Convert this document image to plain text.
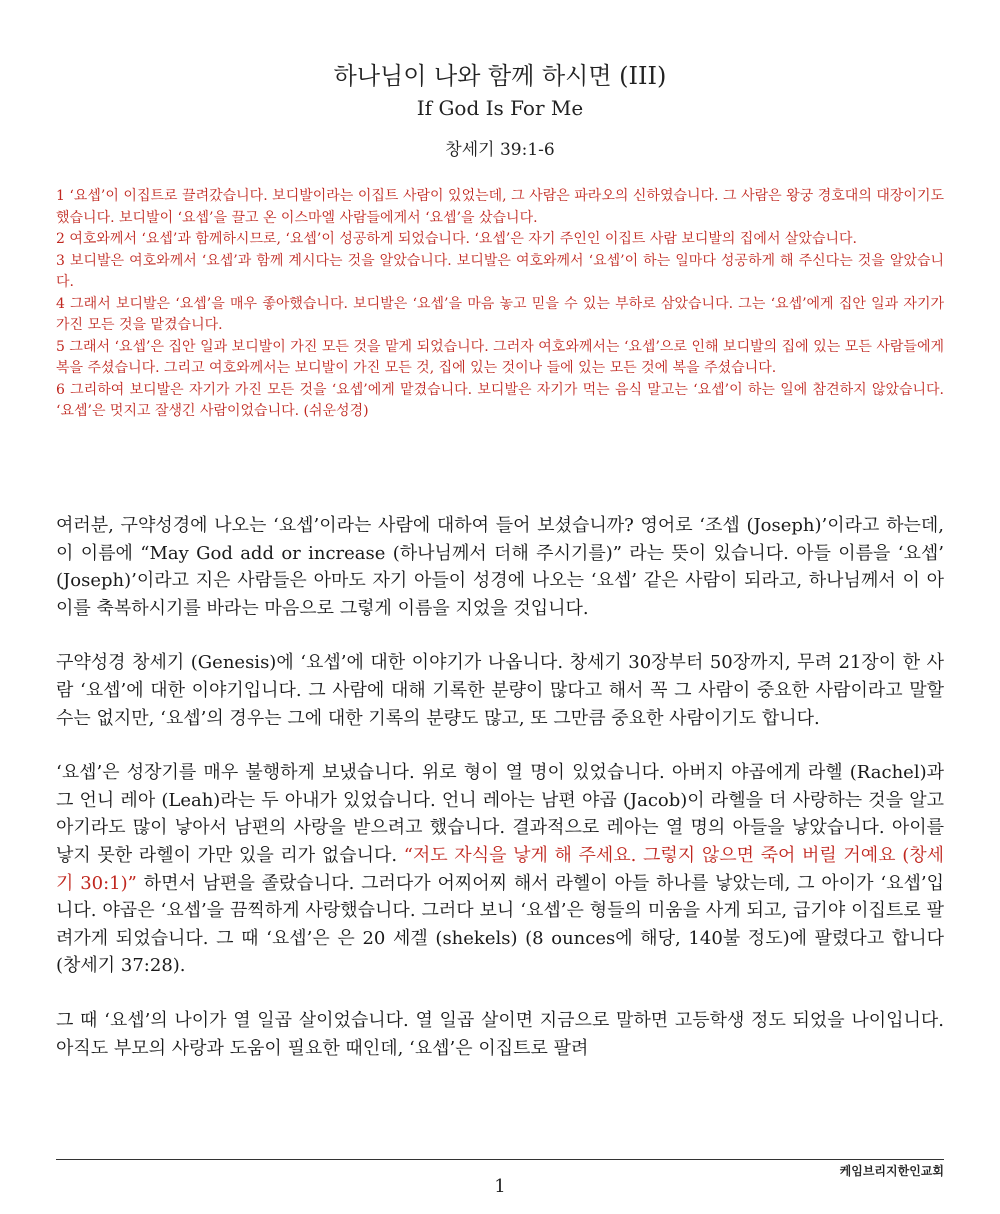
하나님이 나와 함께 하시면 (III)
If God Is For Me
창세기 39:1-6

1 ‘요셉’이 이집트로 끌려갔습니다. 보디발이라는 이집트 사람이 있었는데, 그 사람은 파라오의 신하였습니다. 그 사람은 왕궁 경호대의 대장이기도 했습니다. 보디발이 ‘요셉’을 끌고 온 이스마엘 사람들에게서 ‘요셉’을 샀습니다.

2 여호와께서 ‘요셉’과 함께하시므로, ‘요셉’이 성공하게 되었습니다. ‘요셉’은 자기 주인인 이집트 사람 보디발의 집에서 살았습니다.

3 보디발은 여호와께서 ‘요셉’과 함께 계시다는 것을 알았습니다. 보디발은 여호와께서 ‘요셉’이 하는 일마다 성공하게 해 주신다는 것을 알았습니다.

4 그래서 보디발은 ‘요셉’을 매우 좋아했습니다. 보디발은 ‘요셉’을 마음 놓고 믿을 수 있는 부하로 삼았습니다. 그는 ‘요셉’에게 집안 일과 자기가 가진 모든 것을 맡겼습니다.

5 그래서 ‘요셉’은 집안 일과 보디발이 가진 모든 것을 맡게 되었습니다. 그러자 여호와께서는 ‘요셉’으로 인해 보디발의 집에 있는 모든 사람들에게 복을 주셨습니다. 그리고 여호와께서는 보디발이 가진 모든 것, 집에 있는 것이나 들에 있는 모든 것에 복을 주셨습니다.

6 그리하여 보디발은 자기가 가진 모든 것을 ‘요셉’에게 맡겼습니다. 보디발은 자기가 먹는 음식 말고는 ‘요셉’이 하는 일에 참견하지 않았습니다. ‘요셉’은 멋지고 잘생긴 사람이었습니다. (쉬운성경)

여러분, 구약성경에 나오는 ‘요셉’이라는 사람에 대하여 들어 보셨습니까? 영어로 ‘조셉 (Joseph)’이라고 하는데, 이 이름에 “May God add or increase (하나님께서 더해 주시기를)” 라는 뜻이 있습니다. 아들 이름을 ‘요셉’ (Joseph)’이라고 지은 사람들은 아마도 자기 아들이 성경에 나오는 ‘요셉’ 같은 사람이 되라고, 하나님께서 이 아이를 축복하시기를 바라는 마음으로 그렇게 이름을 지었을 것입니다.

구약성경 창세기 (Genesis)에 ‘요셉’에 대한 이야기가 나옵니다. 창세기 30장부터 50장까지, 무려 21장이 한 사람 ‘요셉’에 대한 이야기입니다. 그 사람에 대해 기록한 분량이 많다고 해서 꼭 그 사람이 중요한 사람이라고 말할 수는 없지만, ‘요셉’의 경우는 그에 대한 기록의 분량도 많고, 또 그만큼 중요한 사람이기도 합니다.

‘요셉’은 성장기를 매우 불행하게 보냈습니다. 위로 형이 열 명이 있었습니다. 아버지 야곱에게 라헬 (Rachel)과 그 언니 레아 (Leah)라는 두 아내가 있었습니다. 언니 레아는 남편 야곱 (Jacob)이 라헬을 더 사랑하는 것을 알고 아기라도 많이 낳아서 남편의 사랑을 받으려고 했습니다. 결과적으로 레아는 열 명의 아들을 낳았습니다. 아이를 낳지 못한 라헬이 가만 있을 리가 없습니다. “저도 자식을 낳게 해 주세요. 그렇지 않으면 죽어 버릴 거예요 (창세기 30:1)” 하면서 남편을 졸랐습니다. 그러다가 어찌어찌 해서 라헬이 아들 하나를 낳았는데, 그 아이가 ‘요셉’입니다. 야곱은 ‘요셉’을 끔찍하게 사랑했습니다. 그러다 보니 ‘요셉’은 형들의 미움을 사게 되고, 급기야 이집트로 팔려가게 되었습니다. 그 때 ‘요셉’은 은 20 세겔 (shekels) (8 ounces에 해당, 140불 정도)에 팔렸다고 합니다 (창세기 37:28).

그 때 ‘요셉’의 나이가 열 일곱 살이었습니다. 열 일곱 살이면 지금으로 말하면 고등학생 정도 되었을 나이입니다. 아직도 부모의 사랑과 도움이 필요한 때인데, ‘요셉’은 이집트로 팔려

케임브리지한인교회
1
